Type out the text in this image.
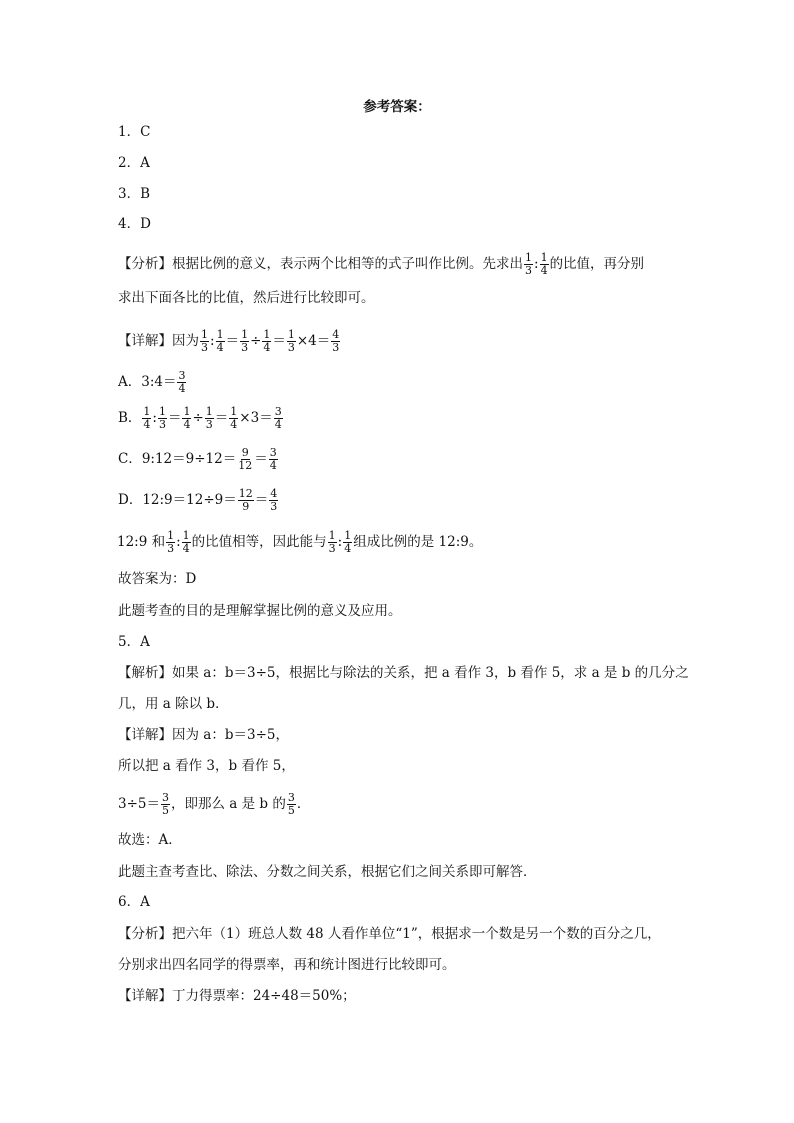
参考答案：
1．C
2．A
3．B
4．D
【分析】根据比例的意义，表示两个比相等的式子叫作比例。先求出 $\frac{1}{3}$ : $\frac{1}{4}$ 的比值，再分别
求出下面各比的比值，然后进行比较即可。
【详解】因为 $\frac{1}{3}$ : $\frac{1}{4} = \frac{1}{3} \div \frac{1}{4} = \frac{1}{3} \times 4= \frac{4}{3}$
A．3:4＝ $\frac{3}{4}$
B． $\frac{1}{4}$ : $\frac{1}{3} = \frac{1}{4} \div \frac{1}{3} = \frac{1}{4} \times 3= \frac{3}{4}$
C．9:12＝9÷12＝ $\frac{9}{12} = \frac{3}{4}$
D．12:9＝12÷9＝ $\frac{12}{9} = \frac{4}{3}$
12:9 和 $\frac{1}{3}$ : $\frac{1}{4}$ 的比值相等，因此能与 $\frac{1}{3}$ : $\frac{1}{4}$ 组成比例的是 12:9。
故答案为：D
此题考查的目的是理解掌握比例的意义及应用。
5．A
【解析】如果 a：b＝3÷5，根据比与除法的关系，把 a 看作 3，b 看作 5，求 a 是 b 的几分之
几，用 a 除以 b．
【详解】因为 a：b＝3÷5，
所以把 a 看作 3，b 看作 5，
$3\div 5= \frac{3}{5}$ ，即那么 a 是 b 的 $\frac{3}{5}$ ．
故选：A．
此题主查考查比、除法、分数之间关系，根据它们之间关系即可解答．
6．A
【分析】把六年（1）班总人数 48 人看作单位“1”，根据求一个数是另一个数的百分之几，
分别求出四名同学的得票率，再和统计图进行比较即可。
【详解】丁力得票率：24÷48＝50%；
